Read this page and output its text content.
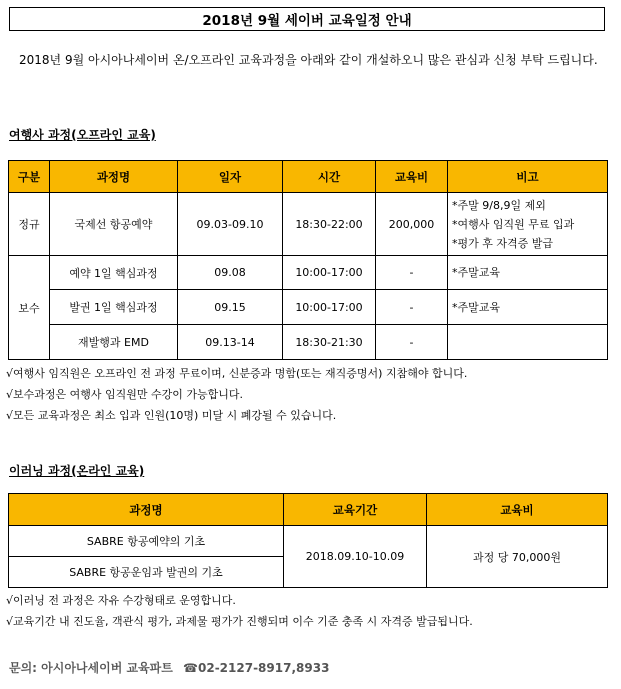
2018년 9월 세이버 교육일정 안내
2018년 9월 아시아나세이버 온/오프라인 교육과정을 아래와 같이 개설하오니 많은 관심과 신청 부탁 드립니다.
여행사 과정(오프라인 교육)
구분	과정명	일자	시간	교육비	비고
정규	국제선 항공예약	09.03-09.10	18:30-22:00	200,000	*주말 9/8,9일 제외
*여행사 임직원 무료 입과
*평가 후 자격증 발급

보수	예약 1일 핵심과정	09.08	10:00-17:00	-	*주말교육
	발권 1일 핵심과정	09.15	10:00-17:00	-	*주말교육
	재발행과 EMD	09.13-14	18:30-21:30	-	
√여행사 임직원은 오프라인 전 과정 무료이며, 신분증과 명함(또는 재직증명서) 지참해야 합니다.
√보수과정은 여행사 임직원만 수강이 가능합니다.
√모든 교육과정은 최소 입과 인원(10명) 미달 시 폐강될 수 있습니다.
이러닝 과정(온라인 교육)
과정명	교육기간	교육비
SABRE 항공예약의 기초	2018.09.10-10.09	과정 당 70,000원
SABRE 항공운임과 발권의 기초		
√이러닝 전 과정은 자유 수강형태로 운영합니다.
√교육기간 내 진도율, 객관식 평가, 과제물 평가가 진행되며 이수 기준 충족 시 자격증 발급됩니다.
문의: 아시아나세이버 교육파트 ☎02-2127-8917,8933
